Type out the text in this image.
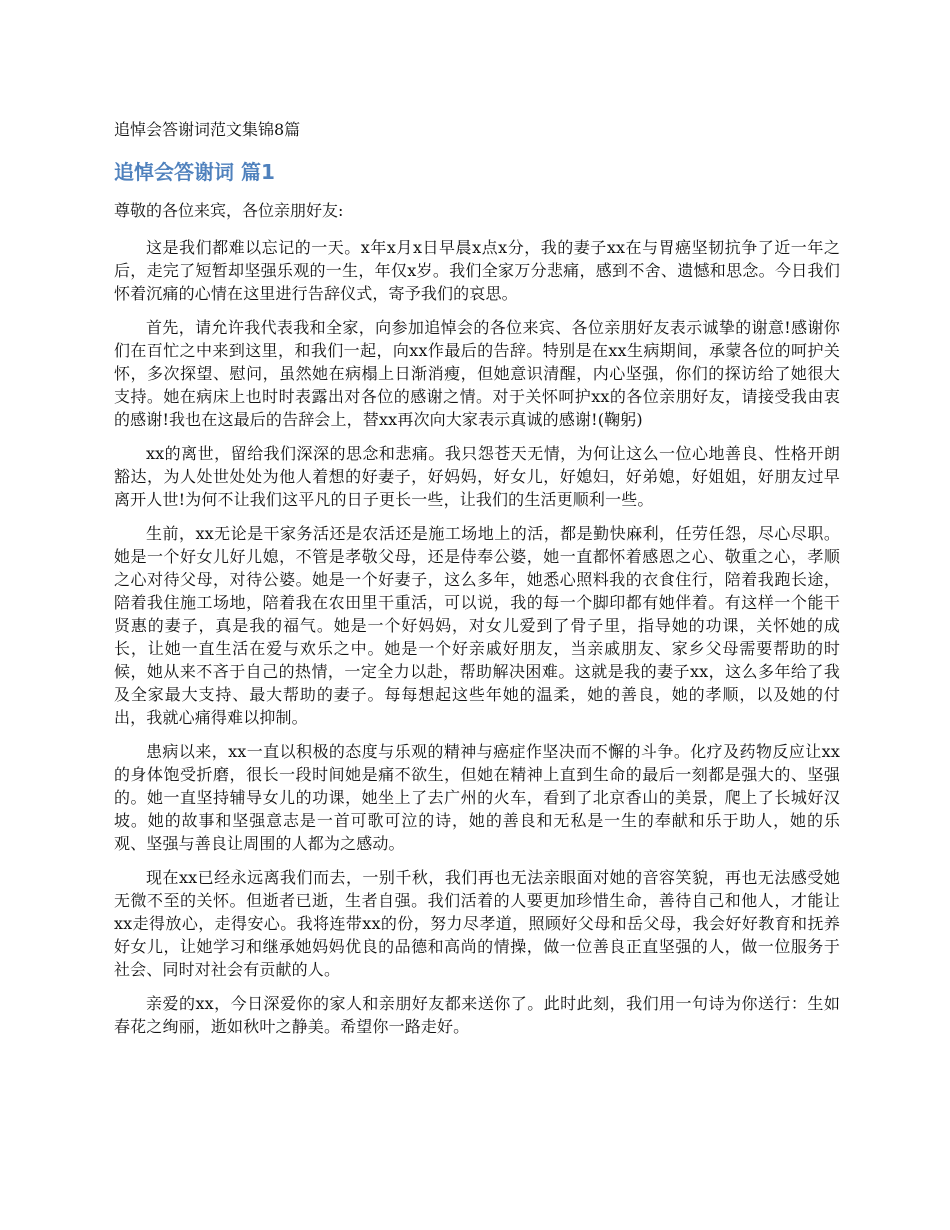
追悼会答谢词范文集锦8篇
追悼会答谢词 篇1
尊敬的各位来宾，各位亲朋好友:

这是我们都难以忘记的一天。x年x月x日早晨x点x分，我的妻子xx在与胃癌坚韧抗争了近一年之后，走完了短暂却坚强乐观的一生，年仅x岁。我们全家万分悲痛，感到不舍、遗憾和思念。今日我们怀着沉痛的心情在这里进行告辞仪式，寄予我们的哀思。

首先，请允许我代表我和全家，向参加追悼会的各位来宾、各位亲朋好友表示诚挚的谢意!感谢你们在百忙之中来到这里，和我们一起，向xx作最后的告辞。特别是在xx生病期间，承蒙各位的呵护关怀，多次探望、慰问，虽然她在病榻上日渐消瘦，但她意识清醒，内心坚强，你们的探访给了她很大支持。她在病床上也时时表露出对各位的感谢之情。对于关怀呵护xx的各位亲朋好友，请接受我由衷的感谢!我也在这最后的告辞会上，替xx再次向大家表示真诚的感谢!(鞠躬)

xx的离世，留给我们深深的思念和悲痛。我只怨苍天无情，为何让这么一位心地善良、性格开朗豁达，为人处世处处为他人着想的好妻子，好妈妈，好女儿，好媳妇，好弟媳，好姐姐，好朋友过早离开人世!为何不让我们这平凡的日子更长一些，让我们的生活更顺利一些。

生前，xx无论是干家务活还是农活还是施工场地上的活，都是勤快麻利，任劳任怨，尽心尽职。她是一个好女儿好儿媳，不管是孝敬父母，还是侍奉公婆，她一直都怀着感恩之心、敬重之心，孝顺之心对待父母，对待公婆。她是一个好妻子，这么多年，她悉心照料我的衣食住行，陪着我跑长途，陪着我住施工场地，陪着我在农田里干重活，可以说，我的每一个脚印都有她伴着。有这样一个能干贤惠的妻子，真是我的福气。她是一个好妈妈，对女儿爱到了骨子里，指导她的功课，关怀她的成长，让她一直生活在爱与欢乐之中。她是一个好亲戚好朋友，当亲戚朋友、家乡父母需要帮助的时候，她从来不吝于自己的热情，一定全力以赴，帮助解决困难。这就是我的妻子xx，这么多年给了我及全家最大支持、最大帮助的妻子。每每想起这些年她的温柔，她的善良，她的孝顺，以及她的付出，我就心痛得难以抑制。

患病以来，xx一直以积极的态度与乐观的精神与癌症作坚决而不懈的斗争。化疗及药物反应让xx的身体饱受折磨，很长一段时间她是痛不欲生，但她在精神上直到生命的最后一刻都是强大的、坚强的。她一直坚持辅导女儿的功课，她坐上了去广州的火车，看到了北京香山的美景，爬上了长城好汉坡。她的故事和坚强意志是一首可歌可泣的诗，她的善良和无私是一生的奉献和乐于助人，她的乐观、坚强与善良让周围的人都为之感动。

现在xx已经永远离我们而去，一别千秋，我们再也无法亲眼面对她的音容笑貌，再也无法感受她无微不至的关怀。但逝者已逝，生者自强。我们活着的人要更加珍惜生命，善待自己和他人，才能让xx走得放心，走得安心。我将连带xx的份，努力尽孝道，照顾好父母和岳父母，我会好好教育和抚养好女儿，让她学习和继承她妈妈优良的品德和高尚的情操，做一位善良正直坚强的人，做一位服务于社会、同时对社会有贡献的人。

亲爱的xx，今日深爱你的家人和亲朋好友都来送你了。此时此刻，我们用一句诗为你送行：生如春花之绚丽，逝如秋叶之静美。希望你一路走好。
